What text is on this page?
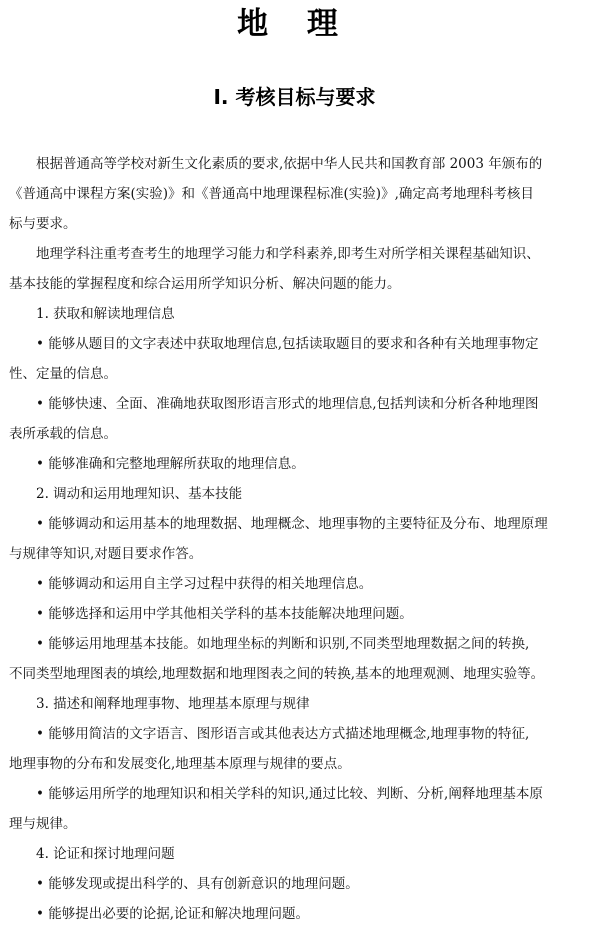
地 理
Ⅰ. 考核目标与要求
根据普通高等学校对新生文化素质的要求,依据中华人民共和国教育部 2003 年颁布的
《普通高中课程方案(实验)》和《普通高中地理课程标准(实验)》,确定高考地理科考核目
标与要求。
地理学科注重考查考生的地理学习能力和学科素养,即考生对所学相关课程基础知识、
基本技能的掌握程度和综合运用所学知识分析、解决问题的能力。
1. 获取和解读地理信息
• 能够从题目的文字表述中获取地理信息,包括读取题目的要求和各种有关地理事物定
性、定量的信息。
• 能够快速、全面、准确地获取图形语言形式的地理信息,包括判读和分析各种地理图
表所承载的信息。
• 能够准确和完整地理解所获取的地理信息。
2. 调动和运用地理知识、基本技能
• 能够调动和运用基本的地理数据、地理概念、地理事物的主要特征及分布、地理原理
与规律等知识,对题目要求作答。
• 能够调动和运用自主学习过程中获得的相关地理信息。
• 能够选择和运用中学其他相关学科的基本技能解决地理问题。
• 能够运用地理基本技能。如地理坐标的判断和识别,不同类型地理数据之间的转换,
不同类型地理图表的填绘,地理数据和地理图表之间的转换,基本的地理观测、地理实验等。
3. 描述和阐释地理事物、地理基本原理与规律
• 能够用简洁的文字语言、图形语言或其他表达方式描述地理概念,地理事物的特征,
地理事物的分布和发展变化,地理基本原理与规律的要点。
• 能够运用所学的地理知识和相关学科的知识,通过比较、判断、分析,阐释地理基本原
理与规律。
4. 论证和探讨地理问题
• 能够发现或提出科学的、具有创新意识的地理问题。
• 能够提出必要的论据,论证和解决地理问题。
